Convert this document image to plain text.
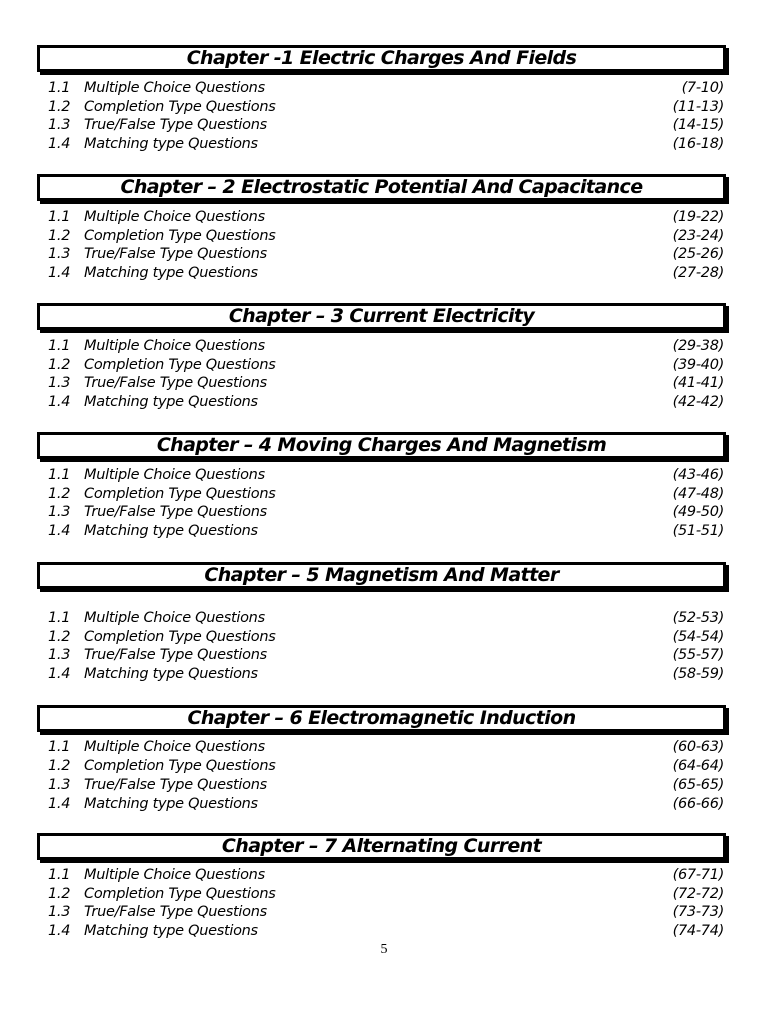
Chapter -1 Electric Charges And Fields
1.1 Multiple Choice Questions	(7-10)
1.2 Completion Type Questions	(11-13)
1.3 True/False Type Questions	(14-15)
1.4 Matching type Questions	(16-18)
Chapter – 2 Electrostatic Potential And Capacitance
1.1 Multiple Choice Questions	(19-22)
1.2 Completion Type Questions	(23-24)
1.3 True/False Type Questions	(25-26)
1.4 Matching type Questions	(27-28)
Chapter – 3 Current Electricity
1.1 Multiple Choice Questions	(29-38)
1.2 Completion Type Questions	(39-40)
1.3 True/False Type Questions	(41-41)
1.4 Matching type Questions	(42-42)
Chapter – 4 Moving Charges And Magnetism
1.1 Multiple Choice Questions	(43-46)
1.2 Completion Type Questions	(47-48)
1.3 True/False Type Questions	(49-50)
1.4 Matching type Questions	(51-51)
Chapter – 5 Magnetism And Matter
1.1 Multiple Choice Questions	(52-53)
1.2 Completion Type Questions	(54-54)
1.3 True/False Type Questions	(55-57)
1.4 Matching type Questions	(58-59)
Chapter – 6 Electromagnetic Induction
1.1 Multiple Choice Questions	(60-63)
1.2 Completion Type Questions	(64-64)
1.3 True/False Type Questions	(65-65)
1.4 Matching type Questions	(66-66)
Chapter – 7 Alternating Current
1.1 Multiple Choice Questions	(67-71)
1.2 Completion Type Questions	(72-72)
1.3 True/False Type Questions	(73-73)
1.4 Matching type Questions	(74-74)
5
